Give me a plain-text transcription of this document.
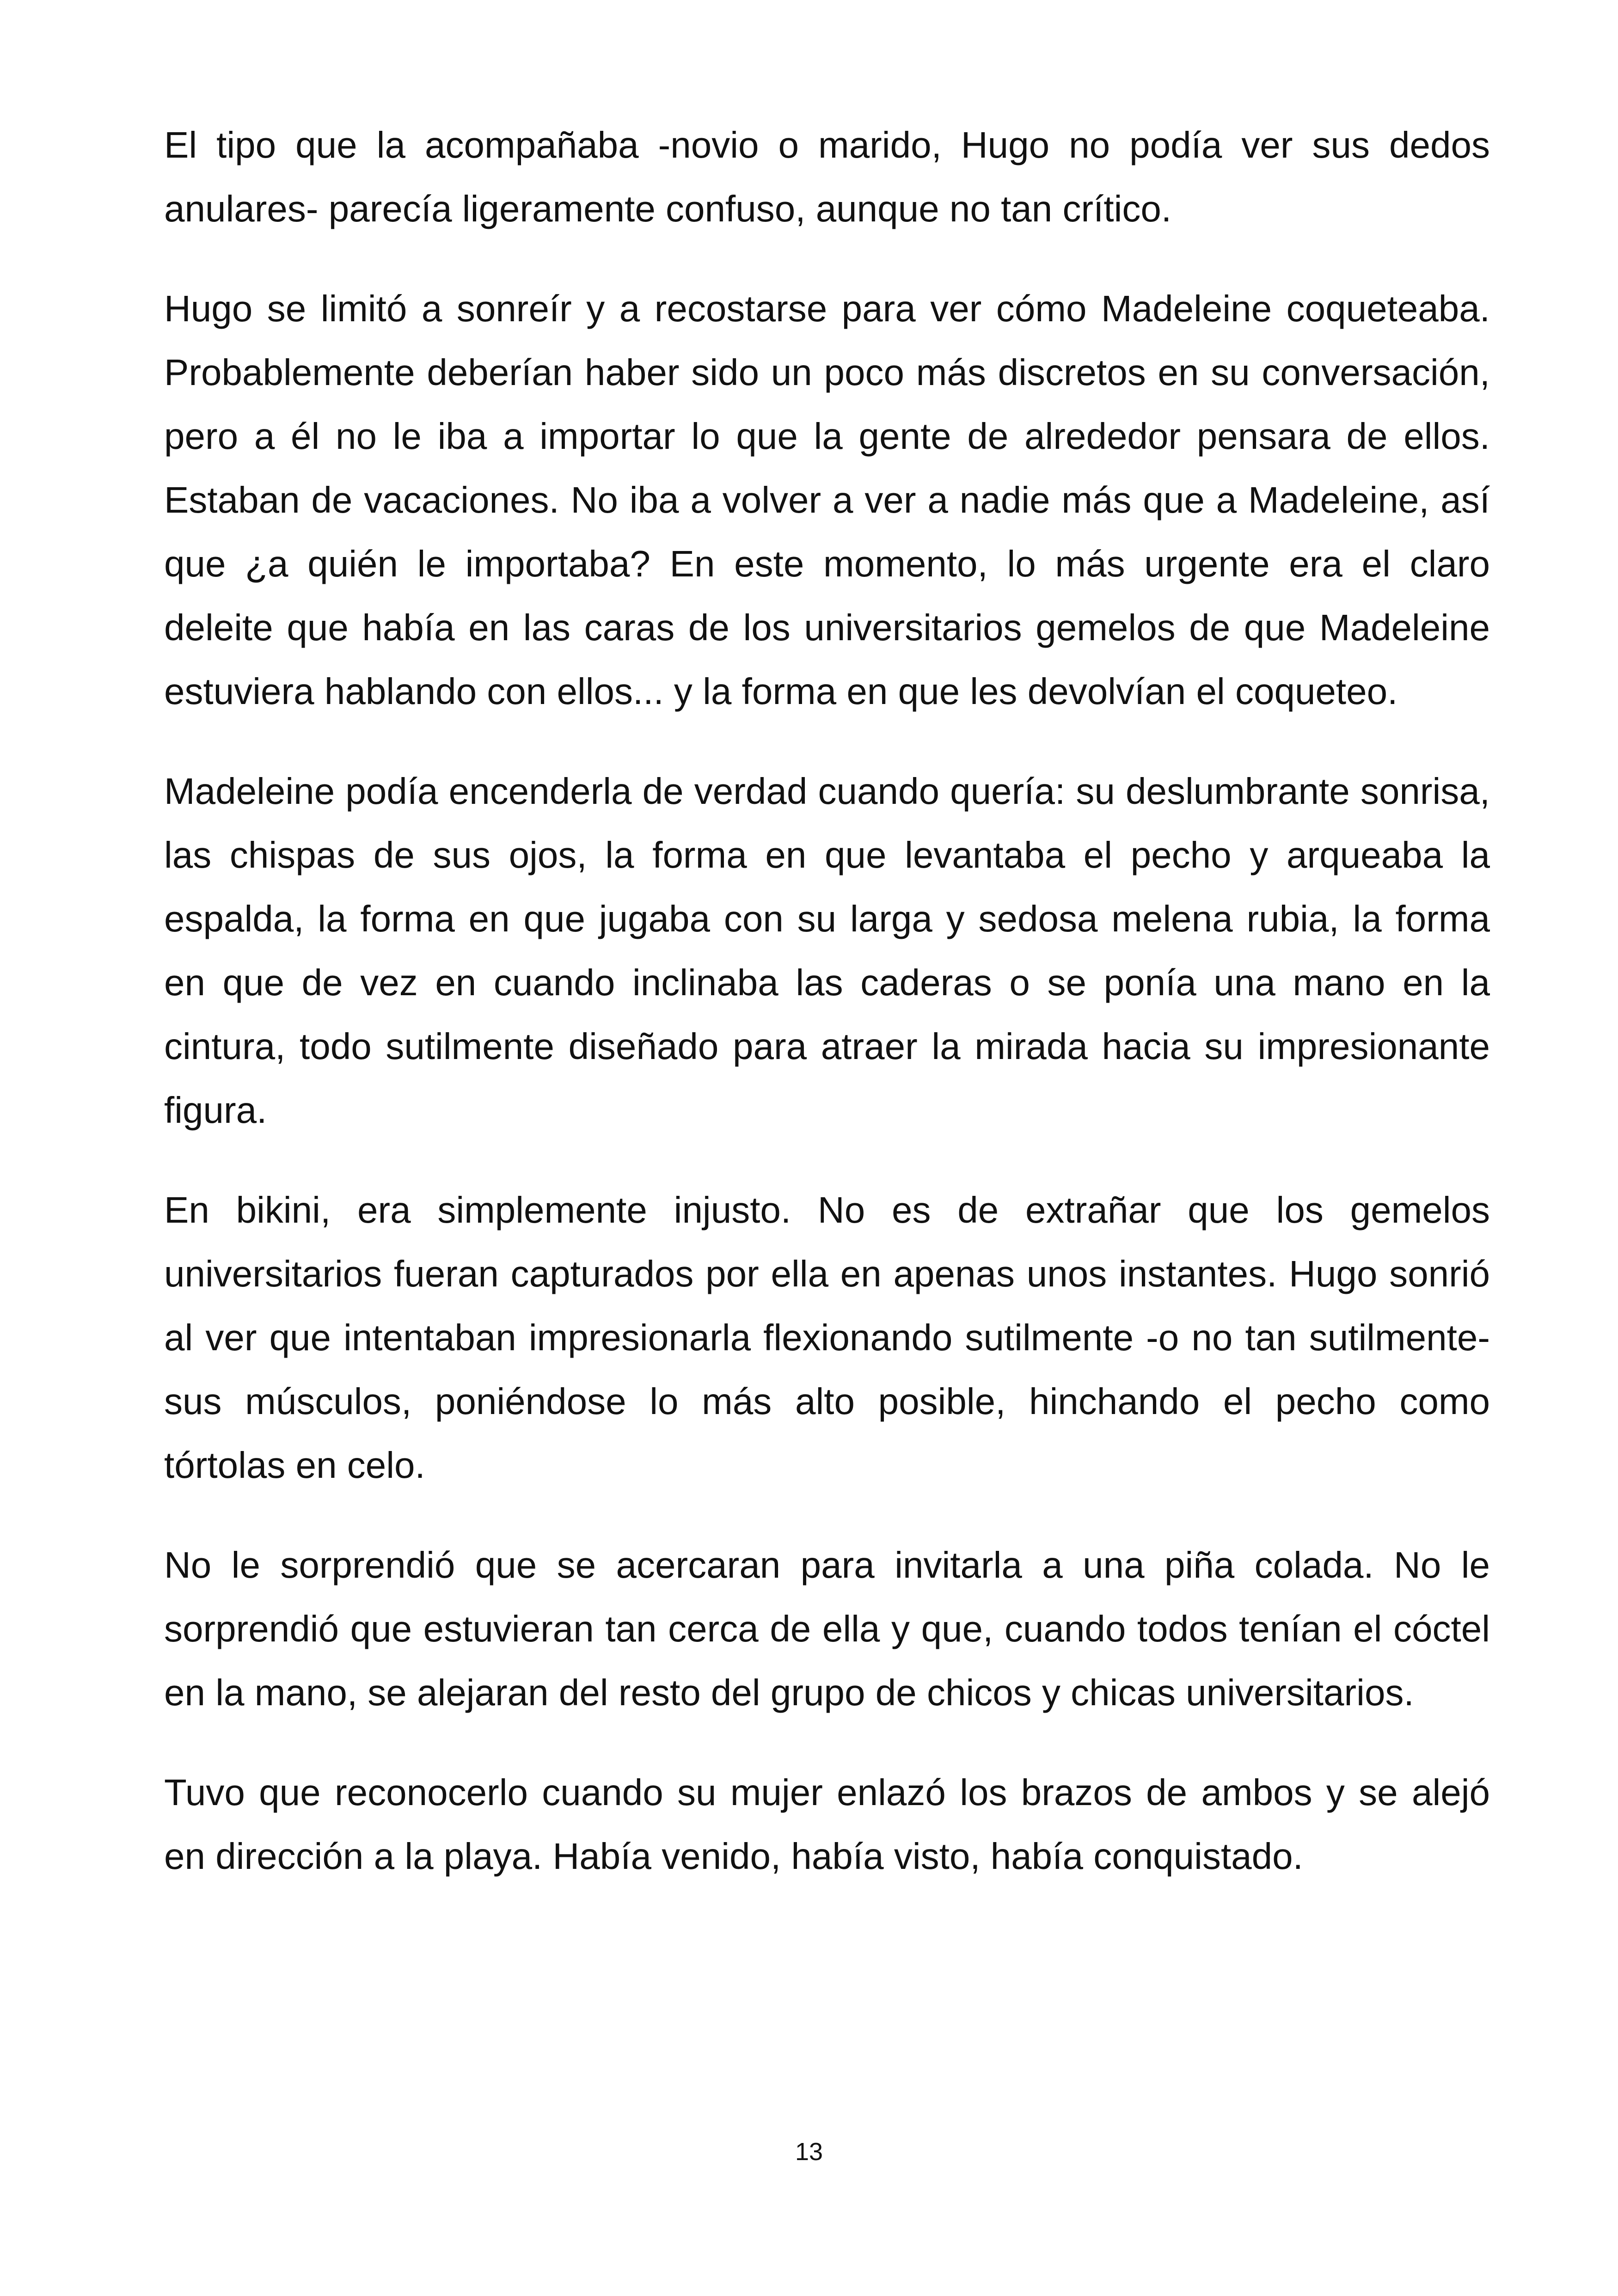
El tipo que la acompañaba -novio o marido, Hugo no podía ver sus dedos anulares- parecía ligeramente confuso, aunque no tan crítico.

Hugo se limitó a sonreír y a recostarse para ver cómo Madeleine coqueteaba. Probablemente deberían haber sido un poco más discretos en su conversación, pero a él no le iba a importar lo que la gente de alrededor pensara de ellos. Estaban de vacaciones. No iba a volver a ver a nadie más que a Madeleine, así que ¿a quién le importaba? En este momento, lo más urgente era el claro deleite que había en las caras de los universitarios gemelos de que Madeleine estuviera hablando con ellos... y la forma en que les devolvían el coqueteo.

Madeleine podía encenderla de verdad cuando quería: su deslumbrante sonrisa, las chispas de sus ojos, la forma en que levantaba el pecho y arqueaba la espalda, la forma en que jugaba con su larga y sedosa melena rubia, la forma en que de vez en cuando inclinaba las caderas o se ponía una mano en la cintura, todo sutilmente diseñado para atraer la mirada hacia su impresionante figura.

En bikini, era simplemente injusto. No es de extrañar que los gemelos universitarios fueran capturados por ella en apenas unos instantes. Hugo sonrió al ver que intentaban impresionarla flexionando sutilmente -o no tan sutilmente- sus músculos, poniéndose lo más alto posible, hinchando el pecho como tórtolas en celo.

No le sorprendió que se acercaran para invitarla a una piña colada. No le sorprendió que estuvieran tan cerca de ella y que, cuando todos tenían el cóctel en la mano, se alejaran del resto del grupo de chicos y chicas universitarios.

Tuvo que reconocerlo cuando su mujer enlazó los brazos de ambos y se alejó en dirección a la playa. Había venido, había visto, había conquistado.

13
